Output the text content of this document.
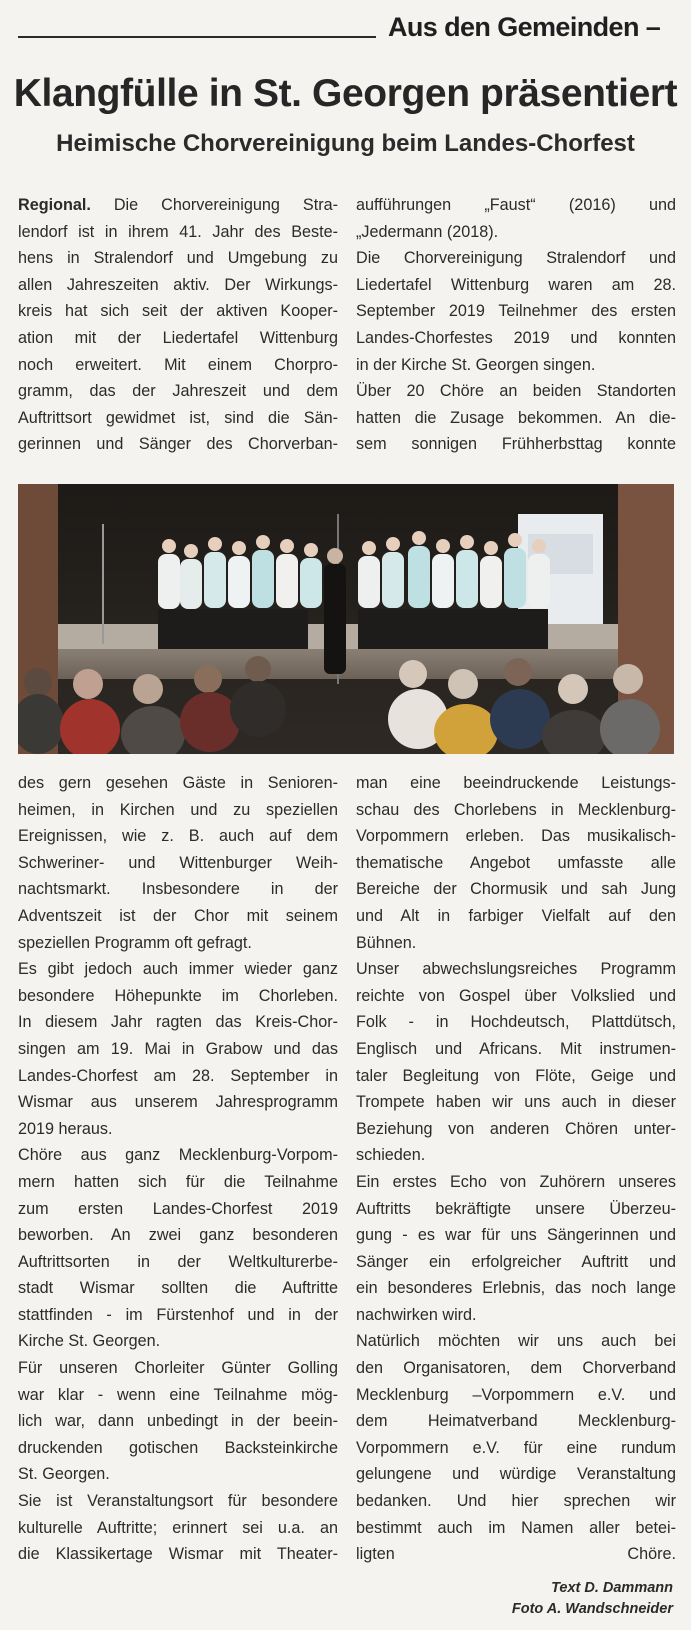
Aus den Gemeinden –
Klangfülle in St. Georgen präsentiert
Heimische Chorvereinigung beim Landes-Chorfest
Regional. Die Chorvereinigung Stra-
lendorf ist in ihrem 41. Jahr des Beste-
hens in Stralendorf und Umgebung zu
allen Jahreszeiten aktiv. Der Wirkungs-
kreis hat sich seit der aktiven Kooper-
ation mit der Liedertafel Wittenburg
noch erweitert. Mit einem Chorpro-
gramm, das der Jahreszeit und dem
Auftrittsort gewidmet ist, sind die Sän-
gerinnen und Sänger des Chorverban-
aufführungen „Faust“ (2016) und
„Jedermann (2018).
Die Chorvereinigung Stralendorf und
Liedertafel Wittenburg waren am 28.
September 2019 Teilnehmer des ersten
Landes-Chorfestes 2019 und konnten
in der Kirche St. Georgen singen.
Über 20 Chöre an beiden Standorten
hatten die Zusage bekommen. An die-
sem sonnigen Frühherbsttag konnte
des gern gesehen Gäste in Senioren-
heimen, in Kirchen und zu speziellen
Ereignissen, wie z. B. auch auf dem
Schweriner- und Wittenburger Weih-
nachtsmarkt. Insbesondere in der
Adventszeit ist der Chor mit seinem
speziellen Programm oft gefragt.
Es gibt jedoch auch immer wieder ganz
besondere Höhepunkte im Chorleben.
In diesem Jahr ragten das Kreis-Chor-
singen am 19. Mai in Grabow und das
Landes-Chorfest am 28. September in
Wismar aus unserem Jahresprogramm
2019 heraus.
Chöre aus ganz Mecklenburg-Vorpom-
mern hatten sich für die Teilnahme
zum ersten Landes-Chorfest 2019
beworben. An zwei ganz besonderen
Auftrittsorten in der Weltkulturerbe-
stadt Wismar sollten die Auftritte
stattfinden - im Fürstenhof und in der
Kirche St. Georgen.
Für unseren Chorleiter Günter Golling
war klar - wenn eine Teilnahme mög-
lich war, dann unbedingt in der beein-
druckenden gotischen Backsteinkirche
St. Georgen.
Sie ist Veranstaltungsort für besondere
kulturelle Auftritte; erinnert sei u.a. an
die Klassikertage Wismar mit Theater-
man eine beeindruckende Leistungs-
schau des Chorlebens in Mecklenburg-
Vorpommern erleben. Das musikalisch-
thematische Angebot umfasste alle
Bereiche der Chormusik und sah Jung
und Alt in farbiger Vielfalt auf den
Bühnen.
Unser abwechslungsreiches Programm
reichte von Gospel über Volkslied und
Folk - in Hochdeutsch, Plattdütsch,
Englisch und Africans. Mit instrumen-
taler Begleitung von Flöte, Geige und
Trompete haben wir uns auch in dieser
Beziehung von anderen Chören unter-
schieden.
Ein erstes Echo von Zuhörern unseres
Auftritts bekräftigte unsere Überzeu-
gung - es war für uns Sängerinnen und
Sänger ein erfolgreicher Auftritt und
ein besonderes Erlebnis, das noch lange
nachwirken wird.
Natürlich möchten wir uns auch bei
den Organisatoren, dem Chorverband
Mecklenburg –Vorpommern e.V. und
dem Heimatverband Mecklenburg-
Vorpommern e.V. für eine rundum
gelungene und würdige Veranstaltung
bedanken. Und hier sprechen wir
bestimmt auch im Namen aller betei-
ligten Chöre.
Text D. Dammann
Foto A. Wandschneider
